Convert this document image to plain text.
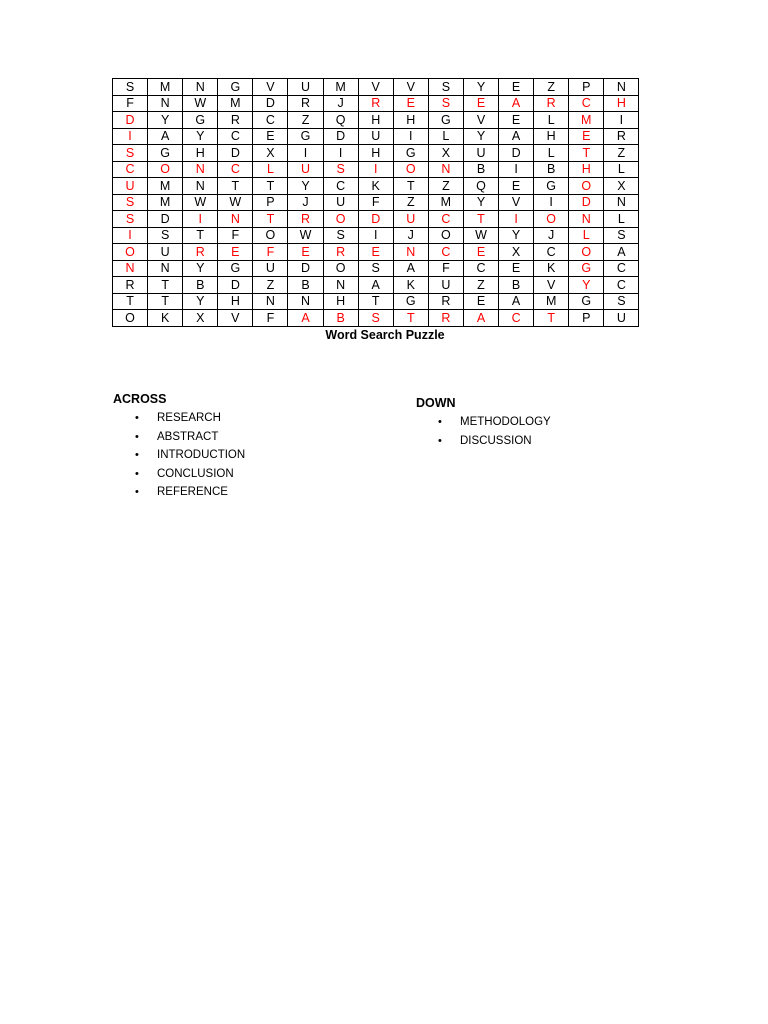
S	M	N	G	V	U	M	V	V	S	Y	E	Z	P	N
F	N	W	M	D	R	J	R	E	S	E	A	R	C	H
D	Y	G	R	C	Z	Q	H	H	G	V	E	L	M	I
I	A	Y	C	E	G	D	U	I	L	Y	A	H	E	R
S	G	H	D	X	I	I	H	G	X	U	D	L	T	Z
C	O	N	C	L	U	S	I	O	N	B	I	B	H	L
U	M	N	T	T	Y	C	K	T	Z	Q	E	G	O	X
S	M	W	W	P	J	U	F	Z	M	Y	V	I	D	N
S	D	I	N	T	R	O	D	U	C	T	I	O	N	L
I	S	T	F	O	W	S	I	J	O	W	Y	J	L	S
O	U	R	E	F	E	R	E	N	C	E	X	C	O	A
N	N	Y	G	U	D	O	S	A	F	C	E	K	G	C
R	T	B	D	Z	B	N	A	K	U	Z	B	V	Y	C
T	T	Y	H	N	N	H	T	G	R	E	A	M	G	S
O	K	X	V	F	A	B	S	T	R	A	C	T	P	U
Word Search Puzzle
ACROSS
• RESEARCH
• ABSTRACT
• INTRODUCTION
• CONCLUSION
• REFERENCE
DOWN
• METHODOLOGY
• DISCUSSION
